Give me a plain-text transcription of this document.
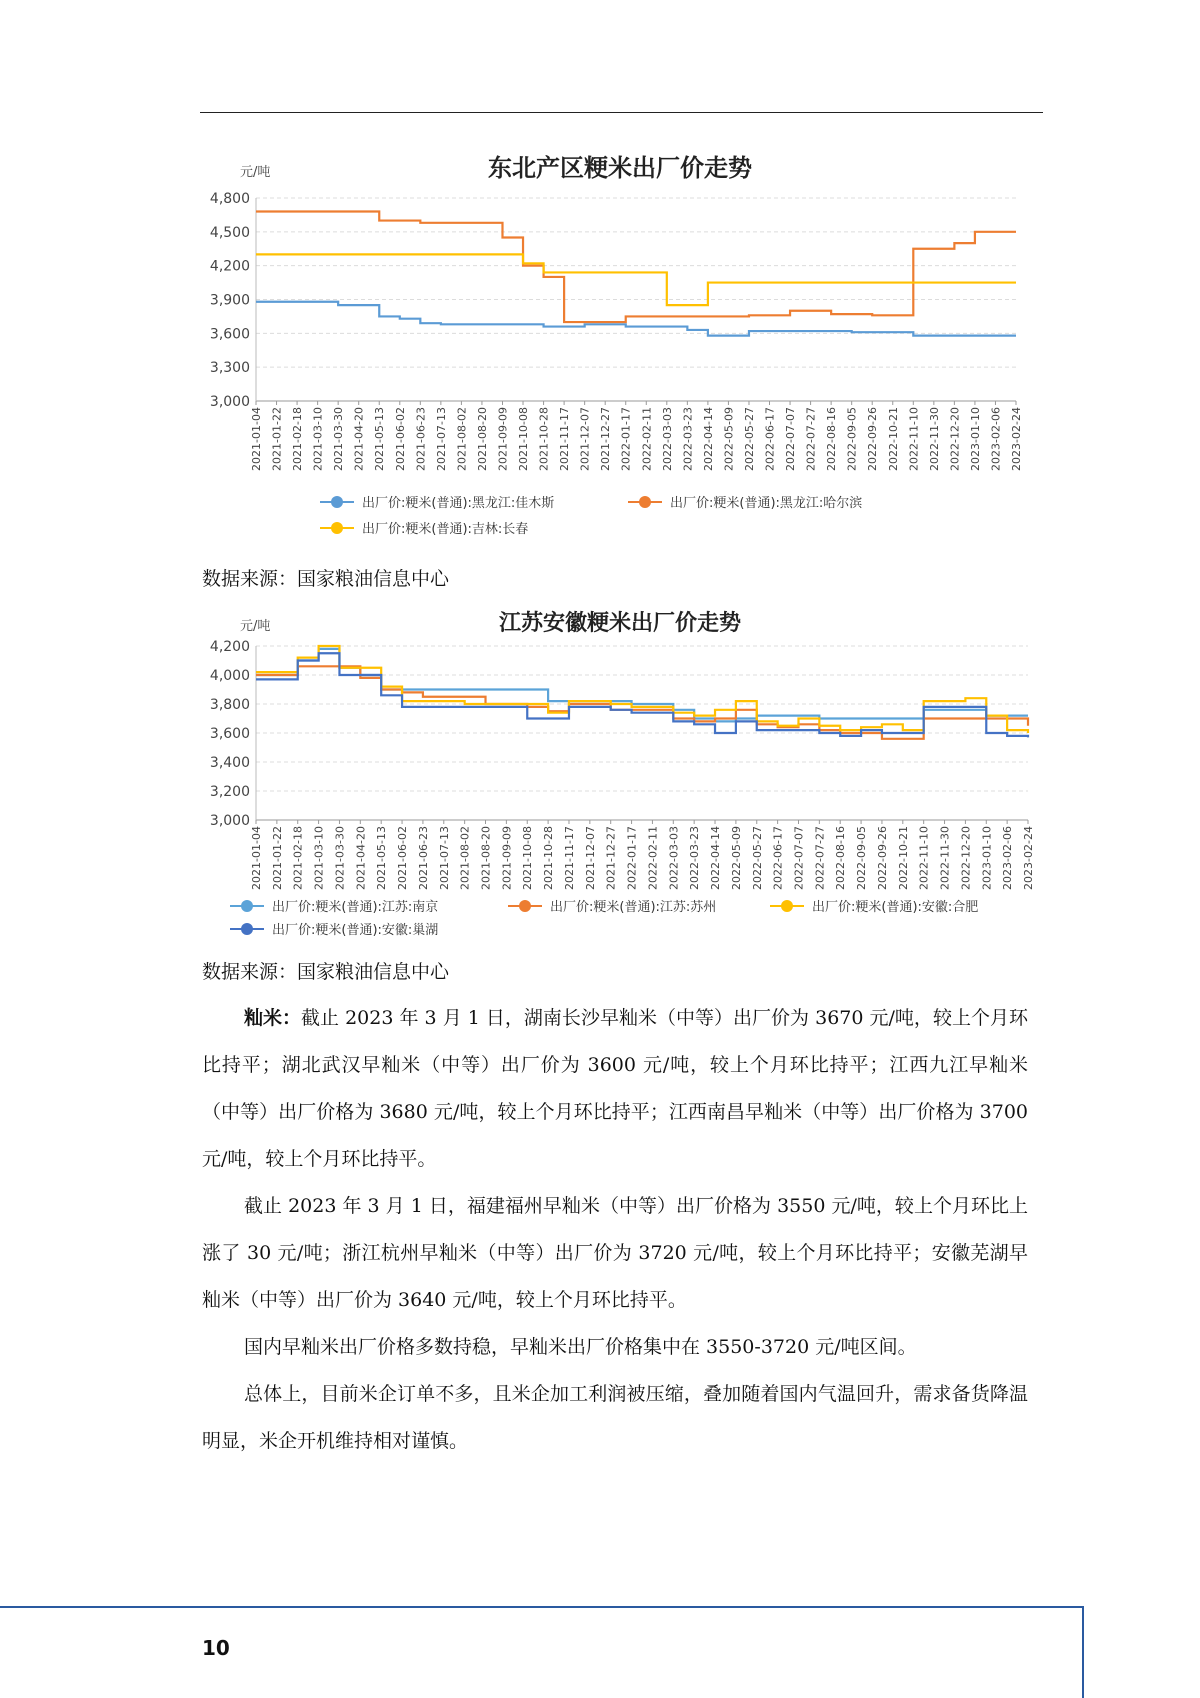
东北产区粳米出厂价走势
元/吨
4,800
4,500
4,200
3,900
3,600
3,300
3,000
2021-01-04 2021-01-22 2021-02-18 2021-03-10 2021-03-30 2021-04-20 2021-05-13 2021-06-02 2021-06-23 2021-07-13 2021-08-02 2021-08-20 2021-09-09 2021-10-08 2021-10-28 2021-11-17 2021-12-07 2021-12-27 2022-01-17 2022-02-11 2022-03-03 2022-03-23 2022-04-14 2022-05-09 2022-05-27 2022-06-17 2022-07-07 2022-07-27 2022-08-16 2022-09-05 2022-09-26 2022-10-21 2022-11-10 2022-11-30 2022-12-20 2023-01-10 2023-02-06 2023-02-24
出厂价:粳米(普通):黑龙江:佳木斯	出厂价:粳米(普通):黑龙江:哈尔滨
出厂价:粳米(普通):吉林:长春
数据来源：国家粮油信息中心
江苏安徽粳米出厂价走势
元/吨
4,200
4,000
3,800
3,600
3,400
3,200
3,000
2021-01-04 2021-01-22 2021-02-18 2021-03-10 2021-03-30 2021-04-20 2021-05-13 2021-06-02 2021-06-23 2021-07-13 2021-08-02 2021-08-20 2021-09-09 2021-10-08 2021-10-28 2021-11-17 2021-12-07 2021-12-27 2022-01-17 2022-02-11 2022-03-03 2022-03-23 2022-04-14 2022-05-09 2022-05-27 2022-06-17 2022-07-07 2022-07-27 2022-08-16 2022-09-05 2022-09-26 2022-10-21 2022-11-10 2022-11-30 2022-12-20 2023-01-10 2023-02-06 2023-02-24
出厂价:粳米(普通):江苏:南京	出厂价:粳米(普通):江苏:苏州	出厂价:粳米(普通):安徽:合肥
出厂价:粳米(普通):安徽:巢湖
数据来源：国家粮油信息中心

籼米：截止 2023 年 3 月 1 日，湖南长沙早籼米（中等）出厂价为 3670 元/吨，较上个月环比持平；湖北武汉早籼米（中等）出厂价为 3600 元/吨，较上个月环比持平；江西九江早籼米（中等）出厂价格为 3680 元/吨，较上个月环比持平；江西南昌早籼米（中等）出厂价格为 3700 元/吨，较上个月环比持平。

截止 2023 年 3 月 1 日，福建福州早籼米（中等）出厂价格为 3550 元/吨，较上个月环比上涨了 30 元/吨；浙江杭州早籼米（中等）出厂价为 3720 元/吨，较上个月环比持平；安徽芜湖早籼米（中等）出厂价为 3640 元/吨，较上个月环比持平。

国内早籼米出厂价格多数持稳，早籼米出厂价格集中在 3550-3720 元/吨区间。

总体上，目前米企订单不多，且米企加工利润被压缩，叠加随着国内气温回升，需求备货降温明显，米企开机维持相对谨慎。

10
